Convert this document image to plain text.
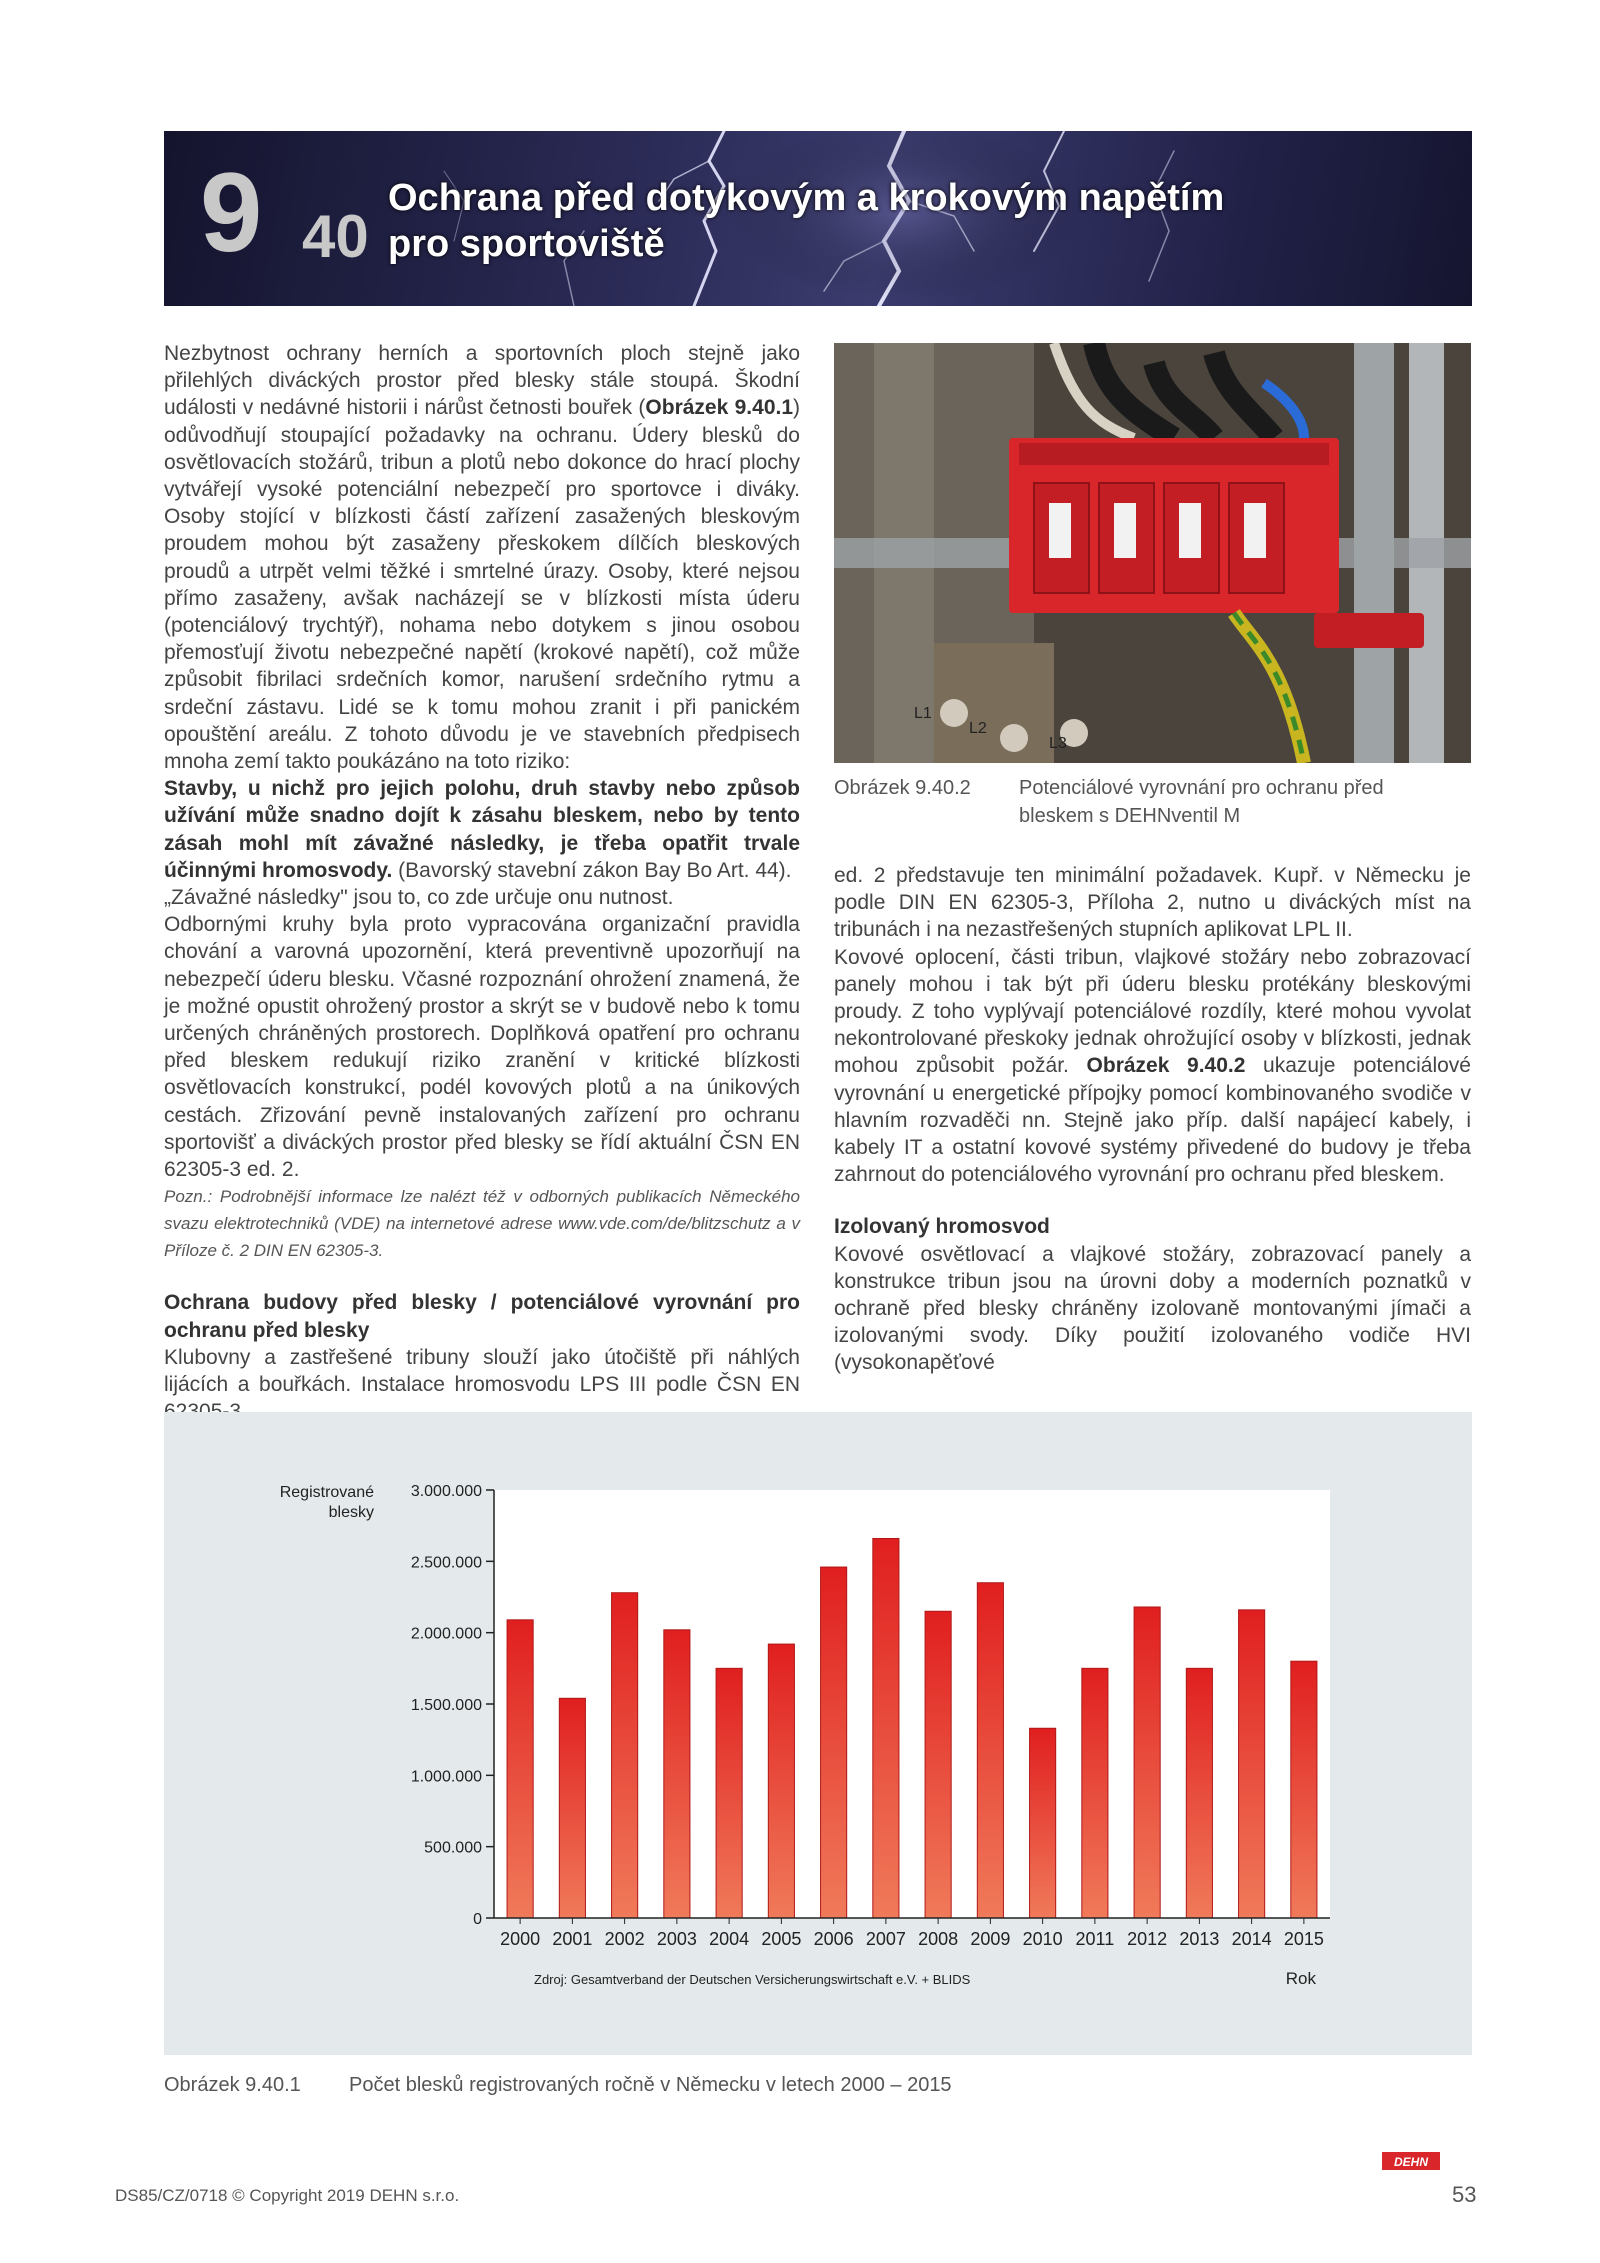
9 40
Ochrana před dotykovým a krokovým napětím
pro sportoviště

Nezbytnost ochrany herních a sportovních ploch stejně jako přilehlých diváckých prostor před blesky stále stoupá. Škodní události v nedávné historii i nárůst četnosti bouřek (Obrázek 9.40.1) odůvodňují stoupající požadavky na ochranu. Údery blesků do osvětlovacích stožárů, tribun a plotů nebo dokonce do hrací plochy vytvářejí vysoké potenciální nebezpečí pro sportovce i diváky. Osoby stojící v blízkosti částí zařízení zasažených bleskovým proudem mohou být zasaženy přeskokem dílčích bleskových proudů a utrpět velmi těžké i smrtelné úrazy. Osoby, které nejsou přímo zasaženy, avšak nacházejí se v blízkosti místa úderu (potenciálový trychtýř), nohama nebo dotykem s jinou osobou přemosťují životu nebezpečné napětí (krokové napětí), což může způsobit fibrilaci srdečních komor, narušení srdečního rytmu a srdeční zástavu. Lidé se k tomu mohou zranit i při panickém opouštění areálu. Z tohoto důvodu je ve stavebních předpisech mnoha zemí takto poukázáno na toto riziko:

Stavby, u nichž pro jejich polohu, druh stavby nebo způsob užívání může snadno dojít k zásahu bleskem, nebo by tento zásah mohl mít závažné následky, je třeba opatřit trvale účinnými hromosvody. (Bavorský stavební zákon Bay Bo Art. 44).

„Závažné následky" jsou to, co zde určuje onu nutnost.

Odbornými kruhy byla proto vypracována organizační pravidla chování a varovná upozornění, která preventivně upozorňují na nebezpečí úderu blesku. Včasné rozpoznání ohrožení znamená, že je možné opustit ohrožený prostor a skrýt se v budově nebo k tomu určených chráněných prostorech. Doplňková opatření pro ochranu před bleskem redukují riziko zranění v kritické blízkosti osvětlovacích konstrukcí, podél kovových plotů a na únikových cestách. Zřizování pevně instalovaných zařízení pro ochranu sportovišť a diváckých prostor před blesky se řídí aktuální ČSN EN 62305-3 ed. 2.

Pozn.: Podrobnější informace lze nalézt též v odborných publikacích Německého svazu elektrotechniků (VDE) na internetové adrese www.vde.com/de/blitzschutz a v Příloze č. 2 DIN EN 62305-3.

Ochrana budovy před blesky / potenciálové vyrovnání pro ochranu před blesky

Klubovny a zastřešené tribuny slouží jako útočiště při náhlých lijácích a bouřkách. Instalace hromosvodu LPS III podle ČSN EN

L1
L2
L3
Obrázek 9.40.2 Potenciálové vyrovnání pro ochranu před bleskem s DEHNventil M

ed. 2 představuje ten minimální požadavek. Kupř. v Německu je podle DIN EN 62305-3, Příloha 2, nutno u diváckých míst na tribunách i na nezastřešených stupních aplikovat LPL II.

Kovové oplocení, části tribun, vlajkové stožáry nebo zobrazovací panely mohou i tak být při úderu blesku protékány bleskovými proudy. Z toho vyplývají potenciálové rozdíly, které mohou vyvolat nekontrolované přeskoky jednak ohrožující osoby v blízkosti, jednak mohou způsobit požár. Obrázek 9.40.2 ukazuje potenciálové vyrovnání u energetické přípojky pomocí kombinovaného svodiče v hlavním rozvaděči nn. Stejně jako příp. další napájecí kabely, i kabely IT a ostatní kovové systémy přivedené do budovy je třeba zahrnout do potenciálového vyrovnání pro ochranu před bleskem.

Izolovaný hromosvod

Kovové osvětlovací a vlajkové stožáry, zobrazovací panely a konstrukce tribun jsou na úrovni doby a moderních poznatků v ochraně před blesky chráněny izolovaně montovanými jímači a izolovanými svody. Díky použití izolovaného vodiče HVI (vysokonapěťové

Registrované
blesky
0
500.000
1.000.000
1.500.000
2.000.000
2.500.000
3.000.000
2000 2001 2002 2003 2004 2005 2006 2007 2008 2009 2010 2011 2012 2013 2014 2015
Zdroj: Gesamtverband der Deutschen Versicherungswirtschaft e.V. + BLIDS	Rok
Obrázek 9.40.1 Počet blesků registrovaných ročně v Německu v letech 2000 – 2015
DS85/CZ/0718 © Copyright 2019 DEHN s.r.o.
DEHN
53
